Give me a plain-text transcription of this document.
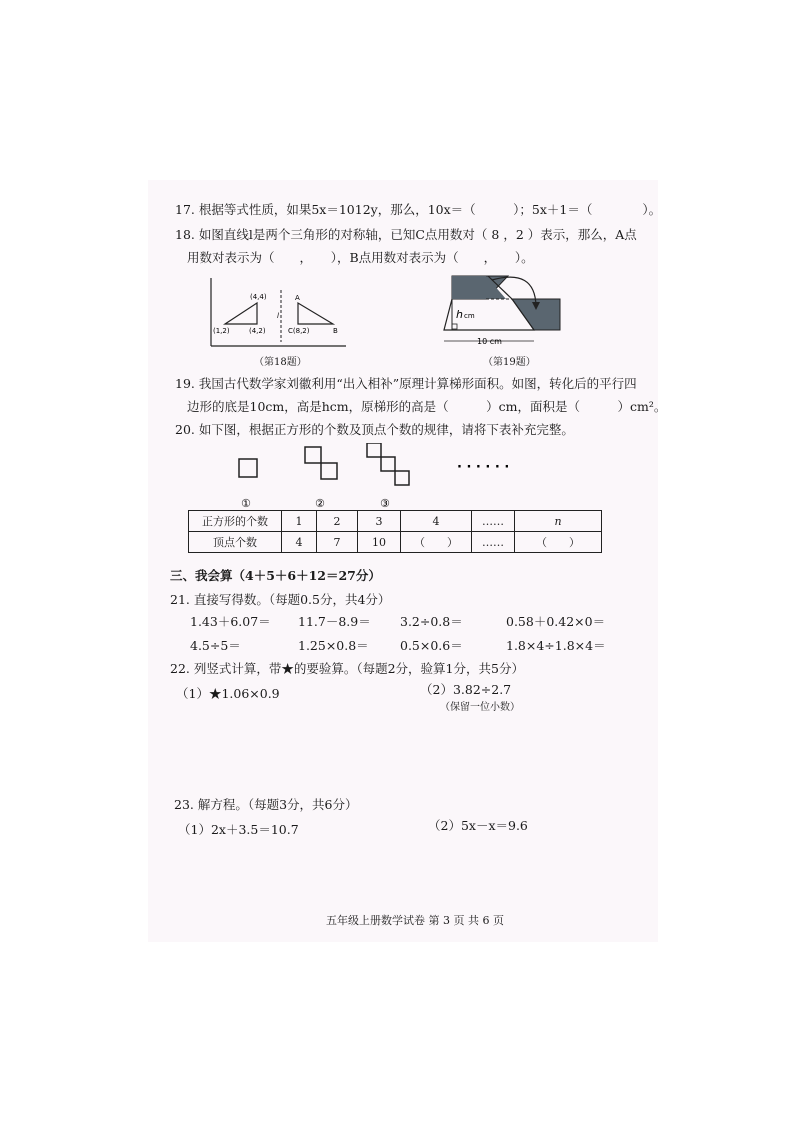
17. 根据等式性质，如果5x＝1012y，那么，10x＝（　　　）；5x＋1＝（　　　　）。
18. 如图直线l是两个三角形的对称轴，已知C点用数对（ 8 ，2 ）表示，那么，A点
用数对表示为（　　，　　），B点用数对表示为（　　，　　）。
(4,4)
(1,2)	(4,2)
A
C(8,2)	B
l
（第18题）
h cm
10 cm
（第19题）
19. 我国古代数学家刘徽利用“出入相补”原理计算梯形面积。如图，转化后的平行四
边形的底是10cm，高是hcm，原梯形的高是（　　　）cm，面积是（　　　）cm²。
20. 如下图，根据正方形的个数及顶点个数的规律，请将下表补充完整。
①	②	③
· · · · · ·
正方形的个数	1	2	3	4	……	n
顶点个数	4	7	10	（　　）	……	（　　）
三、我会算（4＋5＋6＋12＝27分）
21. 直接写得数。（每题0.5分，共4分）
1.43＋6.07＝ 11.7－8.9＝ 3.2÷0.8＝	0.58＋0.42×0＝
4.5÷5＝	1.25×0.8＝	0.5×0.6＝	1.8×4÷1.8×4＝
22. 列竖式计算，带★的要验算。（每题2分，验算1分，共5分）
（1）★1.06×0.9	（2）3.82÷2.7
（保留一位小数）
23. 解方程。（每题3分，共6分）
（1）2x＋3.5＝10.7	（2）5x－x＝9.6
五年级上册数学试卷 第 3 页 共 6 页
